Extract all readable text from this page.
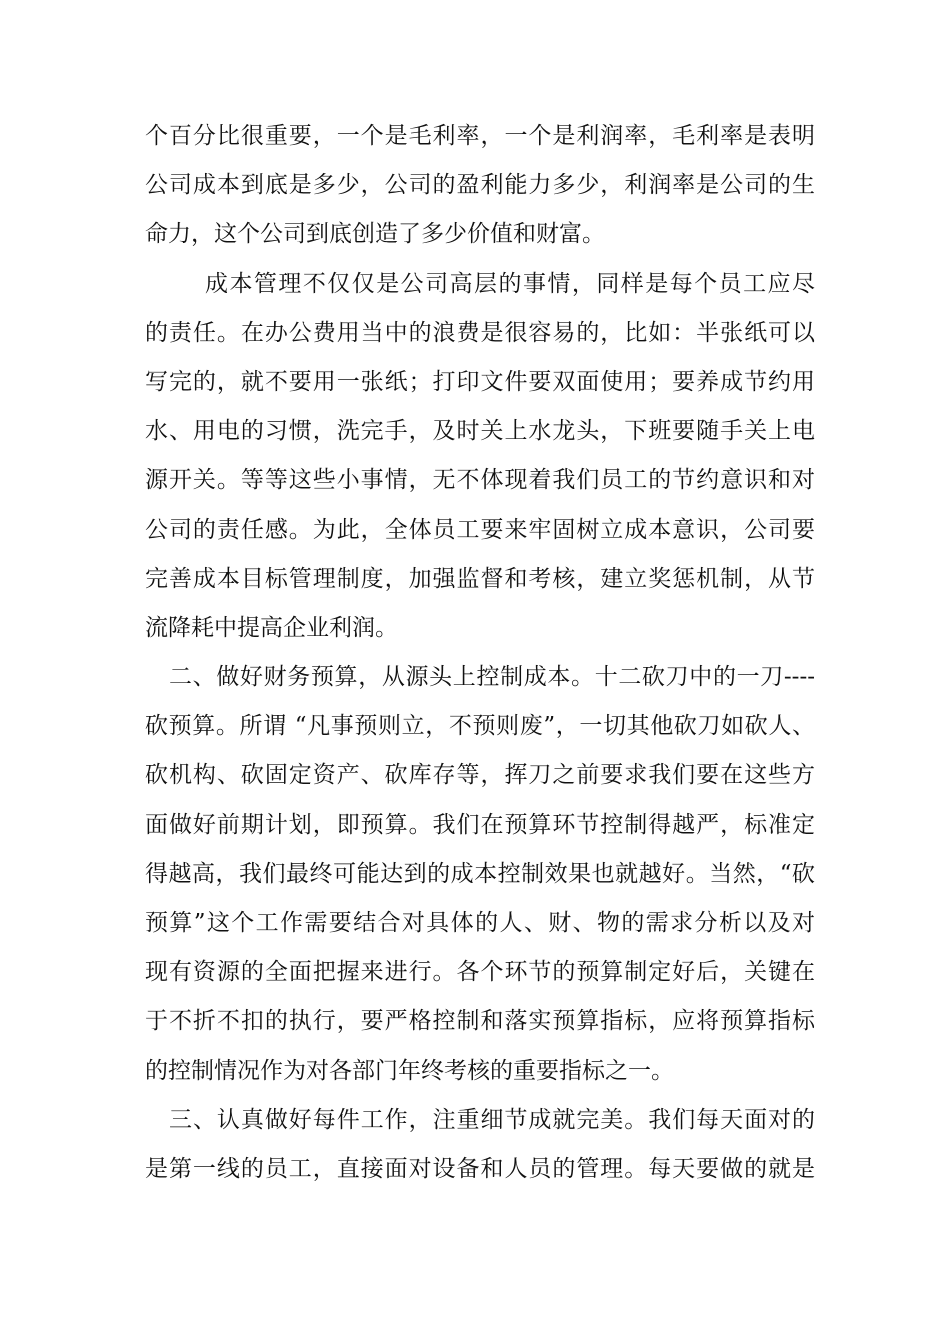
个百分比很重要，一个是毛利率，一个是利润率，毛利率是表明
公司成本到底是多少，公司的盈利能力多少，利润率是公司的生
命力，这个公司到底创造了多少价值和财富。
成本管理不仅仅是公司高层的事情，同样是每个员工应尽
的责任。在办公费用当中的浪费是很容易的，比如：半张纸可以
写完的，就不要用一张纸；打印文件要双面使用；要养成节约用
水、用电的习惯，洗完手，及时关上水龙头，下班要随手关上电
源开关。等等这些小事情，无不体现着我们员工的节约意识和对
公司的责任感。为此，全体员工要来牢固树立成本意识，公司要
完善成本目标管理制度，加强监督和考核，建立奖惩机制，从节
流降耗中提高企业利润。
二、做好财务预算，从源头上控制成本。十二砍刀中的一刀----
砍预算。所谓 “凡事预则立，不预则废”，一切其他砍刀如砍人、
砍机构、砍固定资产、砍库存等，挥刀之前要求我们要在这些方
面做好前期计划，即预算。我们在预算环节控制得越严，标准定
得越高，我们最终可能达到的成本控制效果也就越好。当然，“砍
预算”这个工作需要结合对具体的人、财、物的需求分析以及对
现有资源的全面把握来进行。各个环节的预算制定好后，关键在
于不折不扣的执行，要严格控制和落实预算指标，应将预算指标
的控制情况作为对各部门年终考核的重要指标之一。
三、认真做好每件工作，注重细节成就完美。我们每天面对的
是第一线的员工，直接面对设备和人员的管理。每天要做的就是
